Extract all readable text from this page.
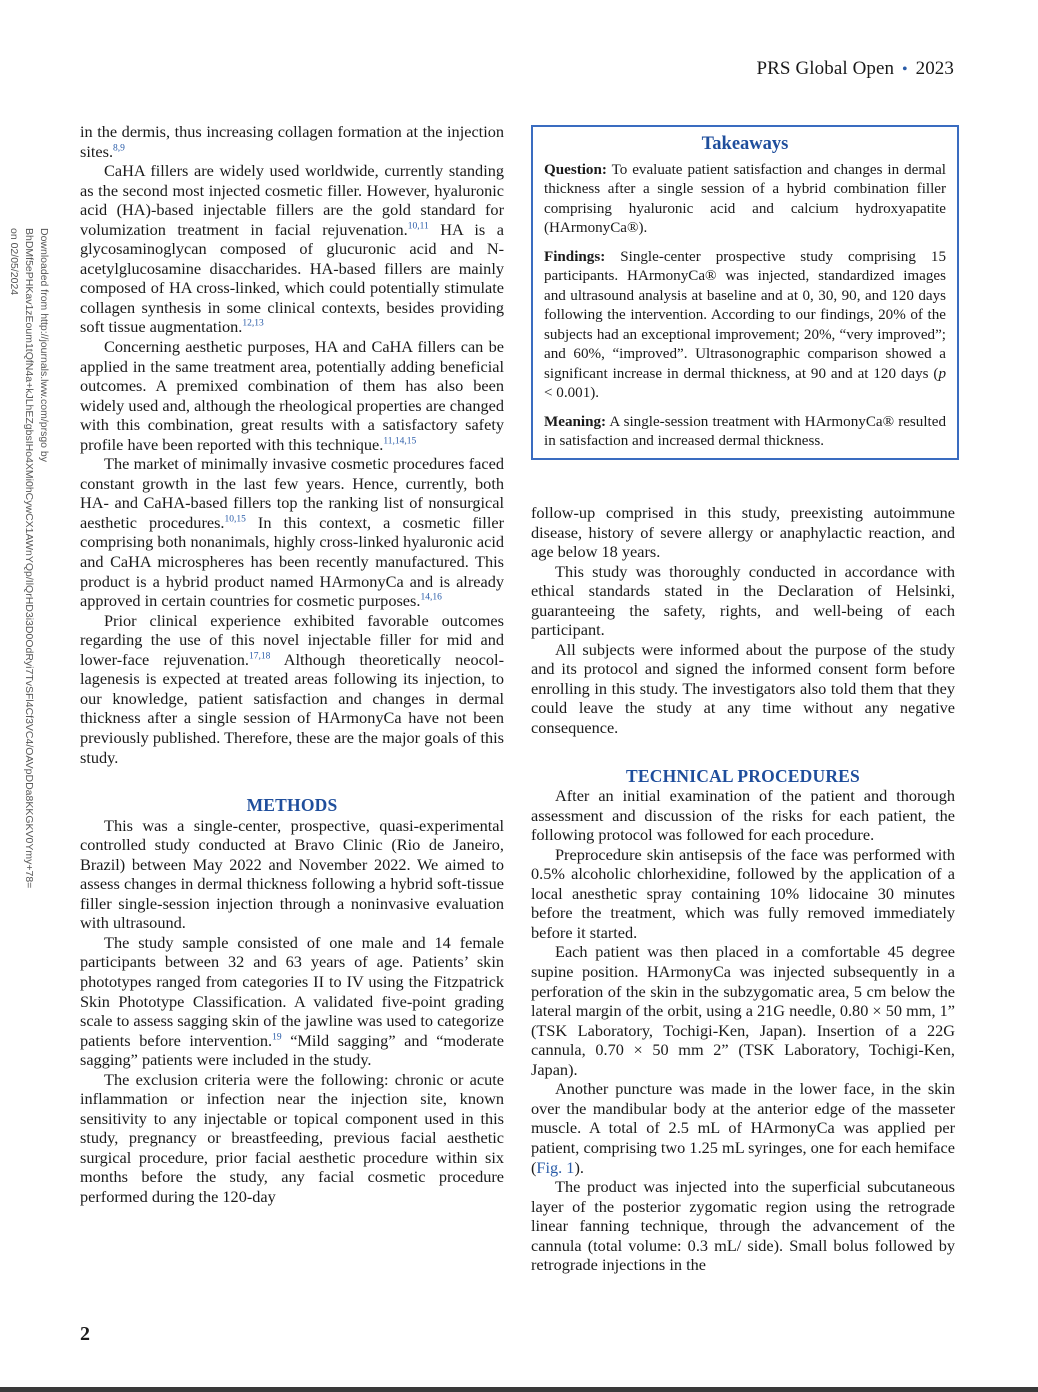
PRS Global Open • 2023
Downloaded from http://journals.lww.com/prsgo by BhDMf5ePHKav1zEoum1tQfN4a+kJLhEZgbsIHo4XMi0hCywCX1AWnYQp/IlQrHD3i3D0OdRyi7TvSFl4Cf3VC4/OAVpDDa8KKGKV0Ymy+78= on 02/05/2024

in the dermis, thus increasing collagen formation at the injection sites.$^{8,9}$

CaHA fillers are widely used worldwide, currently standing as the second most injected cosmetic filler. However, hyaluronic acid (HA)-based injectable fillers are the gold standard for volumization treatment in facial rejuvenation.$^{10,11}$ HA is a glycosaminoglycan composed of glucuronic acid and N-acetylglucosamine disaccharides. HA-based fillers are mainly composed of HA cross-linked, which could potentially stimulate collagen synthesis in some clinical contexts, besides providing soft tissue augmentation.$^{12,13}$

Concerning aesthetic purposes, HA and CaHA fillers can be applied in the same treatment area, potentially adding beneficial outcomes. A premixed combination of them has also been widely used and, although the rheological properties are changed with this combination, great results with a satisfactory safety profile have been reported with this technique.$^{11,14,15}$

The market of minimally invasive cosmetic procedures faced constant growth in the last few years. Hence, currently, both HA- and CaHA-based fillers top the ranking list of nonsurgical aesthetic procedures.$^{10,15}$ In this context, a cosmetic filler comprising both nonanimals, highly cross-linked hyaluronic acid and CaHA microspheres has been recently manufactured. This product is a hybrid product named HArmonyCa and is already approved in certain countries for cosmetic purposes.$^{14,16}$

Prior clinical experience exhibited favorable outcomes regarding the use of this novel injectable filler for mid and lower-face rejuvenation.$^{17,18}$ Although theoretically neocollagenesis is expected at treated areas following its injection, to our knowledge, patient satisfaction and changes in dermal thickness after a single session of HArmonyCa have not been previously published. Therefore, these are the major goals of this study.

METHODS

This was a single-center, prospective, quasi-experimental controlled study conducted at Bravo Clinic (Rio de Janeiro, Brazil) between May 2022 and November 2022. We aimed to assess changes in dermal thickness following a hybrid soft-tissue filler single-session injection through a noninvasive evaluation with ultrasound.

The study sample consisted of one male and 14 female participants between 32 and 63 years of age. Patients’ skin phototypes ranged from categories II to IV using the Fitzpatrick Skin Phototype Classification. A validated five-point grading scale to assess sagging skin of the jawline was used to categorize patients before intervention.$^{19}$ “Mild sagging” and “moderate sagging” patients were included in the study.

The exclusion criteria were the following: chronic or acute inflammation or infection near the injection site, known sensitivity to any injectable or topical component used in this study, pregnancy or breastfeeding, previous facial aesthetic surgical procedure, prior facial aesthetic procedure within six months before the study, any facial cosmetic procedure performed during the 120-day

Takeaways

Question: To evaluate patient satisfaction and changes in dermal thickness after a single session of a hybrid combination filler comprising hyaluronic acid and calcium hydroxyapatite (HArmonyCa®).

Findings: Single-center prospective study comprising 15 participants. HArmonyCa® was injected, standardized images and ultrasound analysis at baseline and at 0, 30, 90, and 120 days following the intervention. According to our findings, 20% of the subjects had an exceptional improvement; 20%, “very improved”; and 60%, “improved”. Ultrasonographic comparison showed a significant increase in dermal thickness, at 90 and at 120 days (p < 0.001).

Meaning: A single-session treatment with HArmonyCa® resulted in satisfaction and increased dermal thickness.

follow-up comprised in this study, preexisting autoimmune disease, history of severe allergy or anaphylactic reaction, and age below 18 years.

This study was thoroughly conducted in accordance with ethical standards stated in the Declaration of Helsinki, guaranteeing the safety, rights, and well-being of each participant.

All subjects were informed about the purpose of the study and its protocol and signed the informed consent form before enrolling in this study. The investigators also told them that they could leave the study at any time without any negative consequence.

TECHNICAL PROCEDURES

After an initial examination of the patient and thorough assessment and discussion of the risks for each patient, the following protocol was followed for each procedure.

Preprocedure skin antisepsis of the face was performed with 0.5% alcoholic chlorhexidine, followed by the application of a local anesthetic spray containing 10% lidocaine 30 minutes before the treatment, which was fully removed immediately before it started.

Each patient was then placed in a comfortable 45 degree supine position. HArmonyCa was injected subsequently in a perforation of the skin in the subzygomatic area, 5 cm below the lateral margin of the orbit, using a 21G needle, 0.80 × 50 mm, 1” (TSK Laboratory, Tochigi-Ken, Japan). Insertion of a 22G cannula, 0.70 × 50 mm 2” (TSK Laboratory, Tochigi-Ken, Japan).

Another puncture was made in the lower face, in the skin over the mandibular body at the anterior edge of the masseter muscle. A total of 2.5 mL of HArmonyCa was applied per patient, comprising two 1.25 mL syringes, one for each hemiface (Fig. 1).

The product was injected into the superficial subcutaneous layer of the posterior zygomatic region using the retrograde linear fanning technique, through the advancement of the cannula (total volume: 0.3 mL/ side). Small bolus followed by retrograde injections in the

2
